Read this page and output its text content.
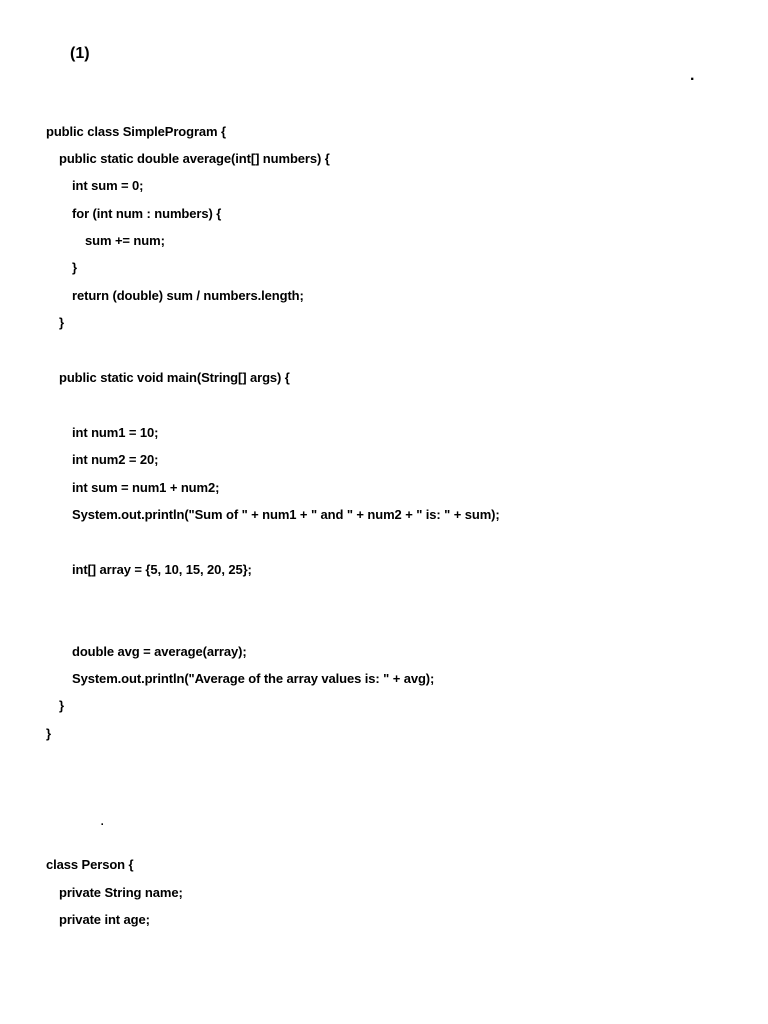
(1)
.
public class SimpleProgram {
public static double average(int[] numbers) {
int sum = 0;
for (int num : numbers) {
sum += num;
}
return (double) sum / numbers.length;
}
public static void main(String[] args) {
int num1 = 10;
int num2 = 20;
int sum = num1 + num2;
System.out.println("Sum of " + num1 + " and " + num2 + " is: " + sum);
int[] array = {5, 10, 15, 20, 25};
double avg = average(array);
System.out.println("Average of the array values is: " + avg);
}
}
.
class Person {
private String name;
private int age;
